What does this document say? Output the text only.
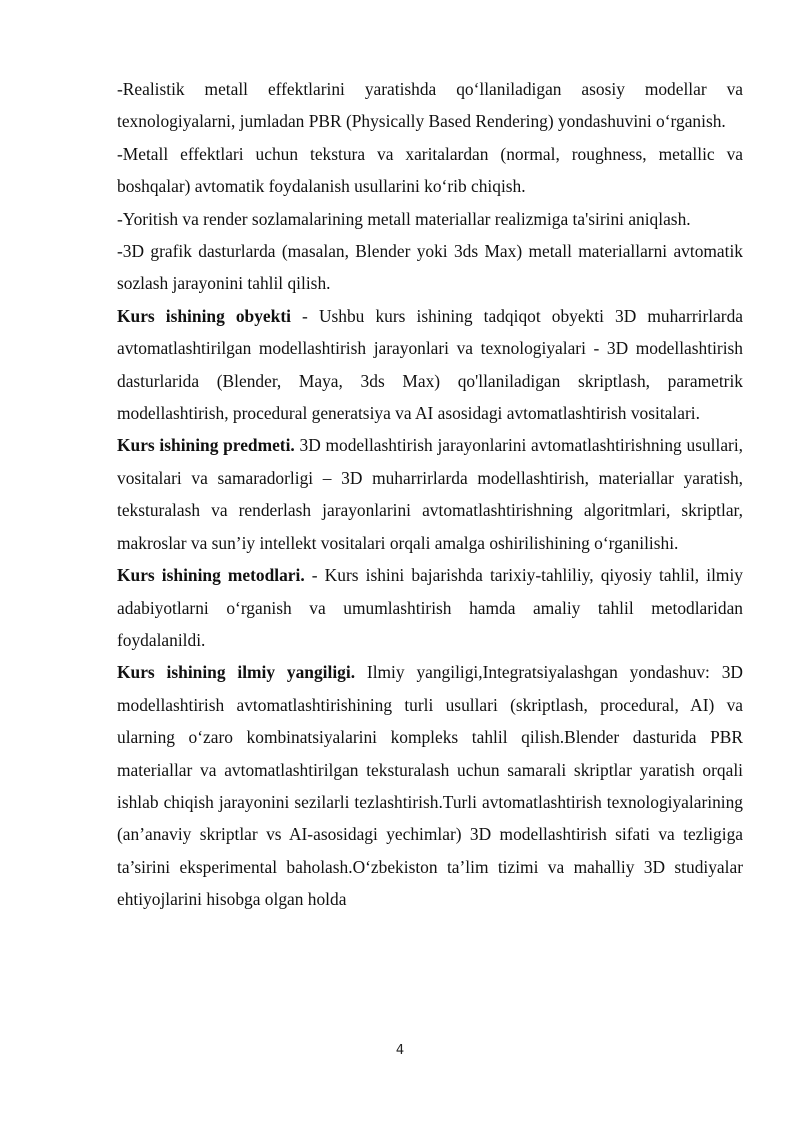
-Realistik metall effektlarini yaratishda qo‘llaniladigan asosiy modellar va texnologiyalarni, jumladan PBR (Physically Based Rendering) yondashuvini o‘rganish.

-Metall effektlari uchun tekstura va xaritalardan (normal, roughness, metallic va boshqalar) avtomatik foydalanish usullarini ko‘rib chiqish.

-Yoritish va render sozlamalarining metall materiallar realizmiga ta'sirini aniqlash.

-3D grafik dasturlarda (masalan, Blender yoki 3ds Max) metall materiallarni avtomatik sozlash jarayonini tahlil qilish.

Kurs ishining obyekti - Ushbu kurs ishining tadqiqot obyekti 3D muharrirlarda avtomatlashtirilgan modellashtirish jarayonlari va texnologiyalari - 3D modellashtirish dasturlarida (Blender, Maya, 3ds Max) qo'llaniladigan skriptlash, parametrik modellashtirish, procedural generatsiya va AI asosidagi avtomatlashtirish vositalari.

Kurs ishining predmeti. 3D modellashtirish jarayonlarini avtomatlashtirishning usullari, vositalari va samaradorligi – 3D muharrirlarda modellashtirish, materiallar yaratish, teksturalash va renderlash jarayonlarini avtomatlashtirishning algoritmlari, skriptlar, makroslar va sun’iy intellekt vositalari orqali amalga oshirilishining o‘rganilishi.

Kurs ishining metodlari. - Kurs ishini bajarishda tarixiy-tahliliy, qiyosiy tahlil, ilmiy adabiyotlarni o‘rganish va umumlashtirish hamda amaliy tahlil metodlaridan foydalanildi.

Kurs ishining ilmiy yangiligi. Ilmiy yangiligi,Integratsiyalashgan yondashuv: 3D modellashtirish avtomatlashtirishining turli usullari (skriptlash, procedural, AI) va ularning o‘zaro kombinatsiyalarini kompleks tahlil qilish.Blender dasturida PBR materiallar va avtomatlashtirilgan teksturalash uchun samarali skriptlar yaratish orqali ishlab chiqish jarayonini sezilarli tezlashtirish.Turli avtomatlashtirish texnologiyalarining (an’anaviy skriptlar vs AI-asosidagi yechimlar) 3D modellashtirish sifati va tezligiga ta’sirini eksperimental baholash.O‘zbekiston ta’lim tizimi va mahalliy 3D studiyalar ehtiyojlarini hisobga olgan holda

4
